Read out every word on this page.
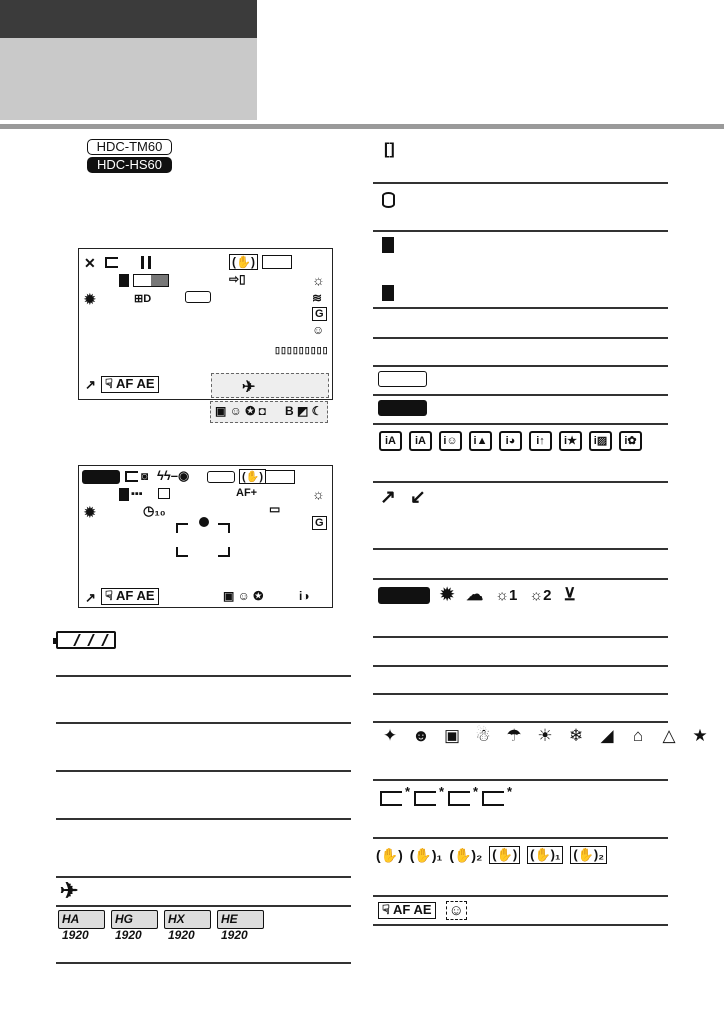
HDC-TM60
HDC-HS60
✕	(✋)
⇨▯	☼
✹	⊞D	≋
G
☺
▯▯▯▯▯▯▯▯▯
↗ ☟ AF AE	✈
▣ ☺ ✪ ◘ B ◩ ☾
◙ ϟϟ–◉	(✋)
▪▪▪	AF+	☼
✹	◷₁₀	▭
G
↗ ☟ AF AE	▣ ☺ ✪	i◑
✈
HA 1920
HG 1920
HX 1920
HE 1920
[]
iA	iA	i☺	i▲	i◕	i↑	i★	i▨	i✿
↗ ↙
✹ ☁ ☼1 ☼2 ⊻
✦ ☻ ▣ ☃ ☂ ☀ ❄ ◢	⌂	△ ★
*
*
*
*
(✋) (✋)₁ (✋)₂ (✋) (✋)₁ (✋)₂
☟ AF AE ☺
